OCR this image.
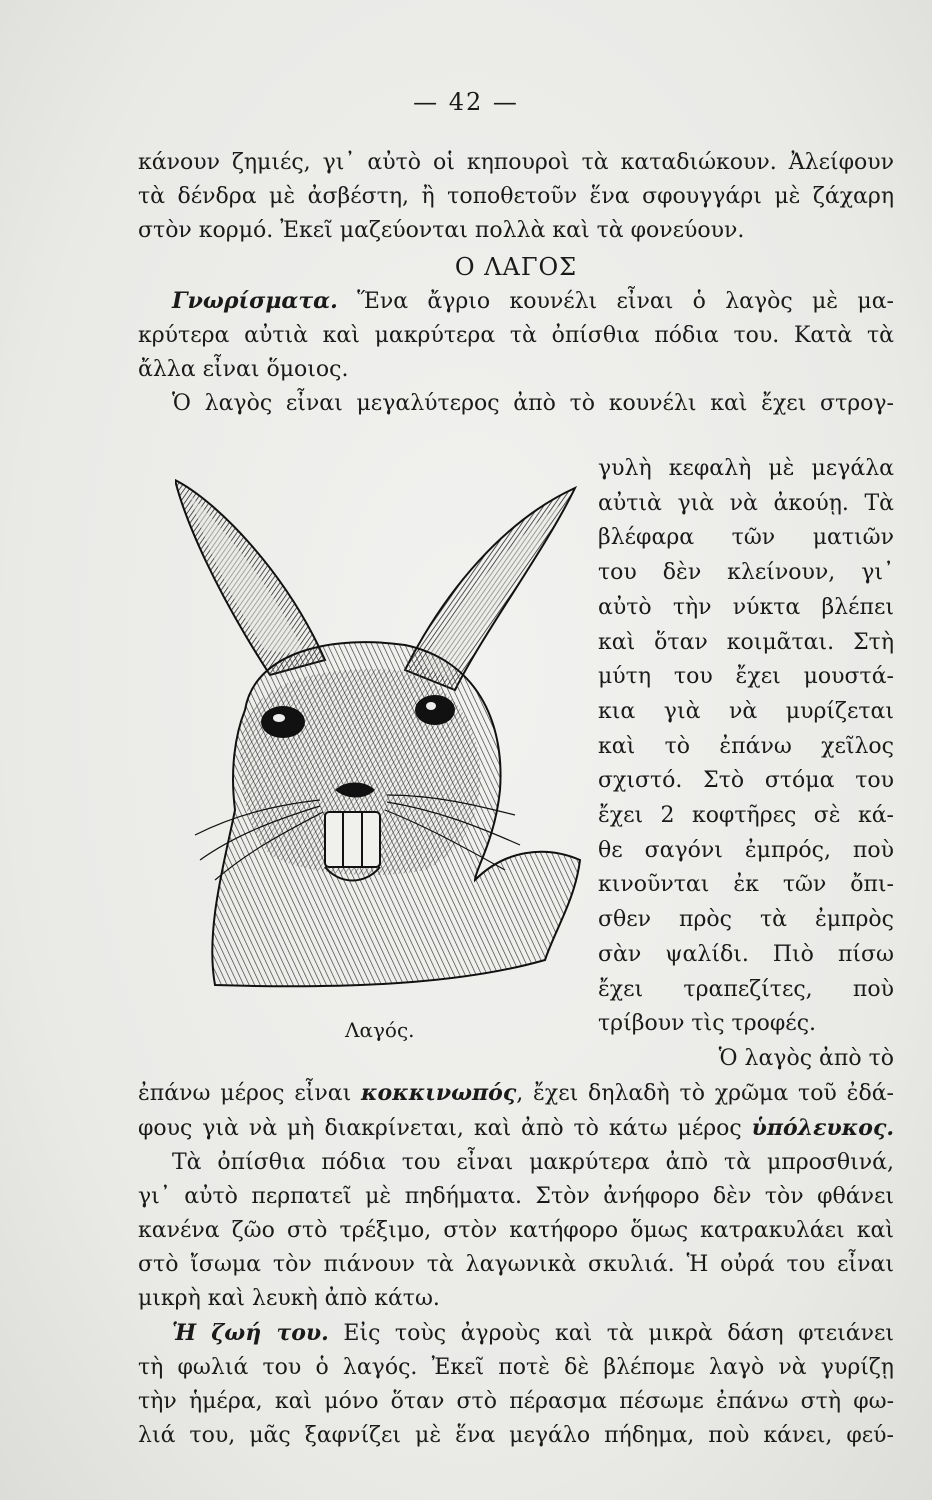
— 42 —
κάνουν ζημιές, γι᾿ αὐτὸ οἱ κηπουροὶ τὰ καταδιώκουν. Ἀλείφουν
τὰ δένδρα μὲ ἀσβέστη, ἢ τοποθετοῦν ἕνα σφουγγάρι μὲ ζάχαρη
στὸν κορμό. Ἐκεῖ μαζεύονται πολλὰ καὶ τὰ φονεύουν.
Ο ΛΑΓΟΣ
Γνωρίσματα. Ἕνα ἄγριο κουνέλι εἶναι ὁ λαγὸς μὲ μα-
κρύτερα αὐτιὰ καὶ μακρύτερα τὰ ὀπίσθια πόδια του. Κατὰ τὰ
ἄλλα εἶναι ὅμοιος.
Ὁ λαγὸς εἶναι μεγαλύτερος ἀπὸ τὸ κουνέλι καὶ ἔχει στρογ-
γυλὴ κεφαλὴ μὲ μεγάλα
αὐτιὰ γιὰ νὰ ἀκούῃ. Τὰ
βλέφαρα τῶν ματιῶν
του δὲν κλείνουν, γι᾿
αὐτὸ τὴν νύκτα βλέπει
καὶ ὅταν κοιμᾶται. Στὴ
μύτη του ἔχει μουστά-
κια γιὰ νὰ μυρίζεται
καὶ τὸ ἐπάνω χεῖλος
σχιστό. Στὸ στόμα του
ἔχει 2 κοφτῆρες σὲ κά-
θε σαγόνι ἐμπρός, ποὺ
κινοῦνται ἐκ τῶν ὄπι-
σθεν πρὸς τὰ ἐμπρὸς
σὰν ψαλίδι. Πιὸ πίσω
ἔχει τραπεζίτες, ποὺ
τρίβουν τὶς τροφές.
Ὁ λαγὸς ἀπὸ τὸ
Λαγός.
ἐπάνω μέρος εἶναι κοκκινωπός, ἔχει δηλαδὴ τὸ χρῶμα τοῦ ἐδά-
φους γιὰ νὰ μὴ διακρίνεται, καὶ ἀπὸ τὸ κάτω μέρος ὑπόλευκος.
Τὰ ὀπίσθια πόδια του εἶναι μακρύτερα ἀπὸ τὰ μπροσθινά,
γι᾿ αὐτὸ περπατεῖ μὲ πηδήματα. Στὸν ἀνήφορο δὲν τὸν φθάνει
κανένα ζῶο στὸ τρέξιμο, στὸν κατήφορο ὅμως κατρακυλάει καὶ
στὸ ἴσωμα τὸν πιάνουν τὰ λαγωνικὰ σκυλιά. Ἡ οὐρά του εἶναι
μικρὴ καὶ λευκὴ ἀπὸ κάτω.
Ἡ ζωή του. Εἰς τοὺς ἀγροὺς καὶ τὰ μικρὰ δάση φτειάνει
τὴ φωλιά του ὁ λαγός. Ἐκεῖ ποτὲ δὲ βλέπομε λαγὸ νὰ γυρίζῃ
τὴν ἡμέρα, καὶ μόνο ὅταν στὸ πέρασμα πέσωμε ἐπάνω στὴ φω-
λιά του, μᾶς ξαφνίζει μὲ ἕνα μεγάλο πήδημα, ποὺ κάνει, φεύ-
